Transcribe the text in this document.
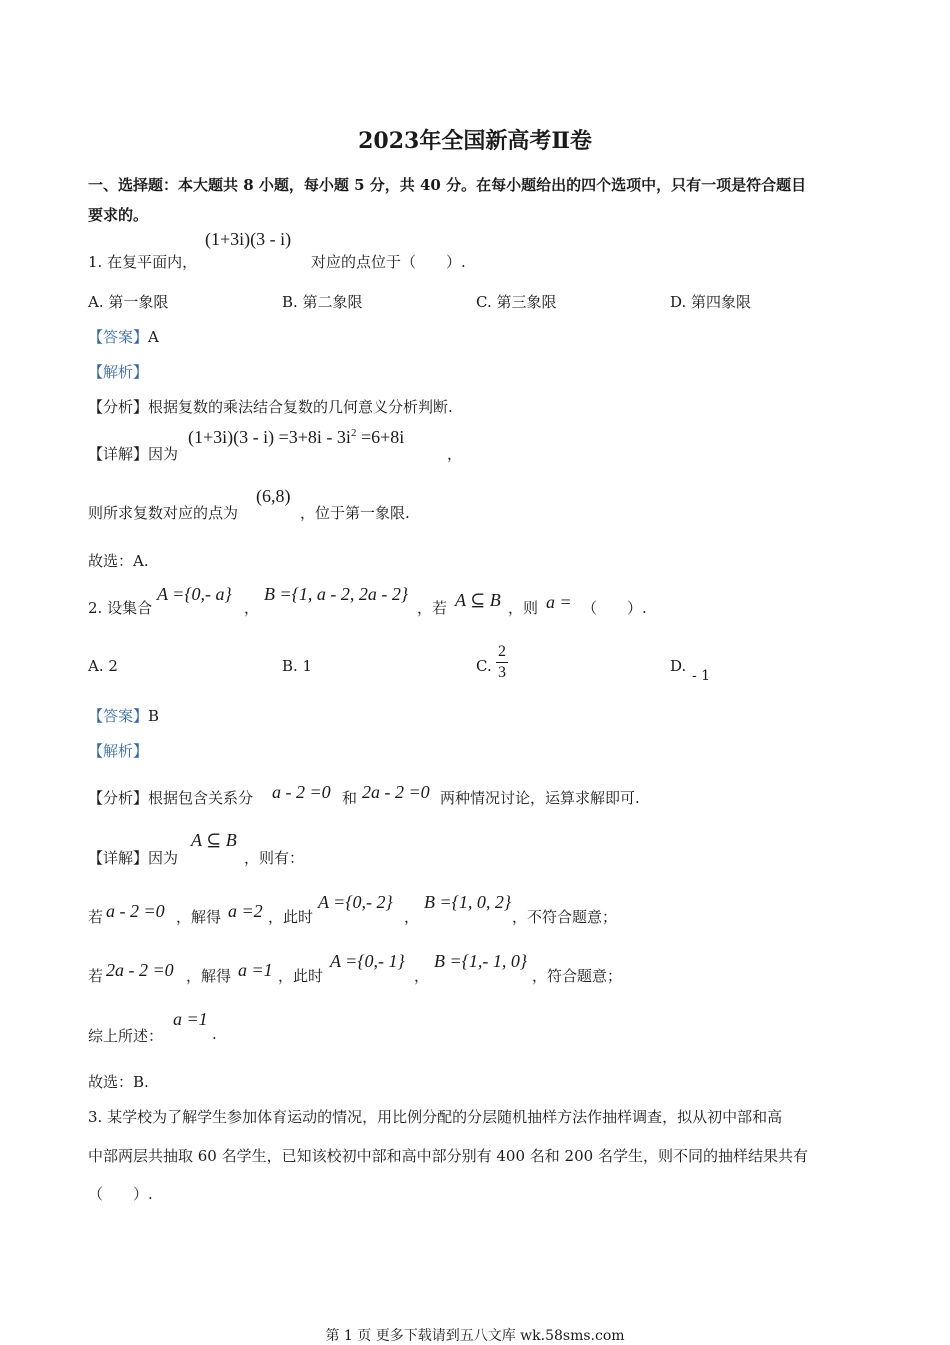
2023年全国新高考Ⅱ卷
一、选择题：本大题共 8 小题，每小题 5 分，共 40 分。在每小题给出的四个选项中，只有一项是符合题目
要求的。
1. 在复平面内，
(1+3i)(3 - i)
对应的点位于（　　）.
A. 第一象限	B. 第二象限	C. 第三象限	D. 第四象限
【答案】A
【解析】
【分析】根据复数的乘法结合复数的几何意义分析判断.
【详解】因为
$(1+3i)(3 - i) =3+8i - 3i^2 =6+8i$
，
则所求复数对应的点为
(6,8)
，位于第一象限.
故选：A.
2. 设集合
A ={0,- a}
，
B ={1, a - 2, 2a - 2}
，若 A ⊆ B ，则 a = （　　）.
A. 2	B. 1	C.
2
3	D.
- 1
【答案】B
【解析】
【分析】根据包含关系分 a - 2 =0 和 2a - 2 =0 两种情况讨论，运算求解即可.
【详解】因为
A ⊆ B
，则有：
若 a - 2 =0 ，解得 a =2 ，此时
A ={0,- 2}
，
B ={1, 0, 2}
，不符合题意；
若 2a - 2 =0 ，解得 a =1 ，此时
A ={0,- 1}
，
B ={1,- 1, 0}
，符合题意；
综上所述：
a =1
.
故选：B.
3. 某学校为了解学生参加体育运动的情况，用比例分配的分层随机抽样方法作抽样调查，拟从初中部和高
中部两层共抽取 60 名学生，已知该校初中部和高中部分别有 400 名和 200 名学生，则不同的抽样结果共有
（　　）.
第 1 页 更多下载请到五八文库 wk.58sms.com
